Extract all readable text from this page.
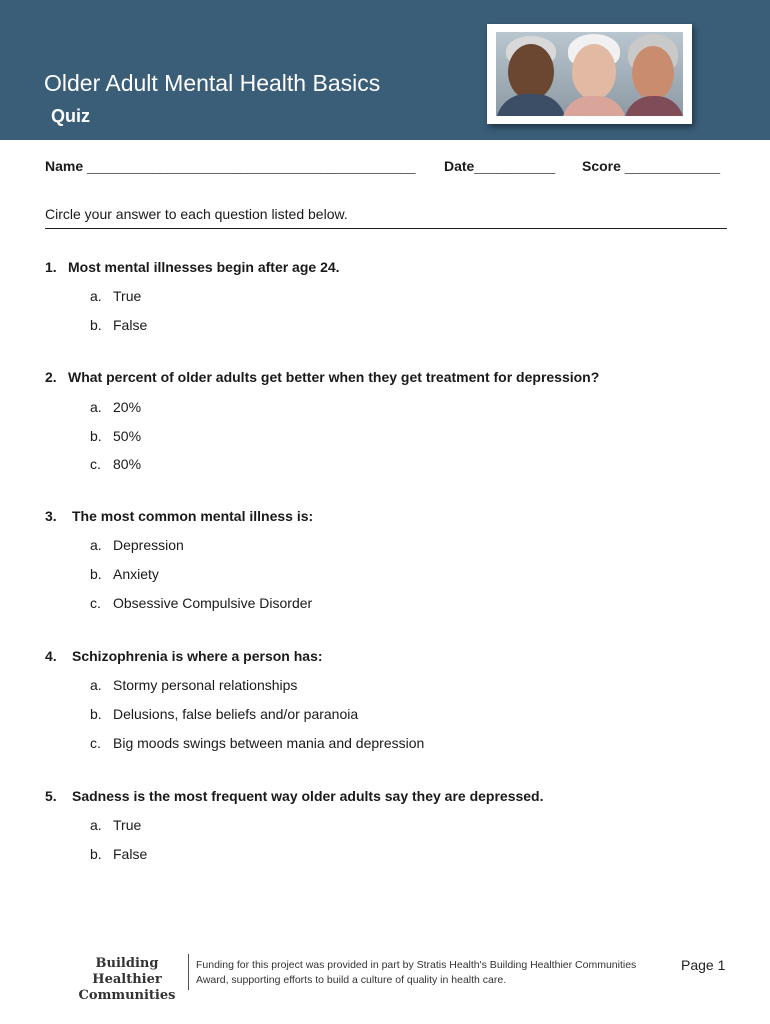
Older Adult Mental Health Basics
Quiz
Name _____________________________________________ Date___________ Score _____________
Circle your answer to each question listed below.
1. Most mental illnesses begin after age 24.
a. True
b. False
2. What percent of older adults get better when they get treatment for depression?
a. 20%
b. 50%
c. 80%
3. The most common mental illness is:
a. Depression
b. Anxiety
c. Obsessive Compulsive Disorder
4. Schizophrenia is where a person has:
a. Stormy personal relationships
b. Delusions, false beliefs and/or paranoia
c. Big moods swings between mania and depression
5. Sadness is the most frequent way older adults say they are depressed.
a. True
b. False
Building Healthier
Communities
Funding for this project was provided in part by Stratis Health's Building Healthier Communities
Award, supporting efforts to build a culture of quality in health care.
Page 1
